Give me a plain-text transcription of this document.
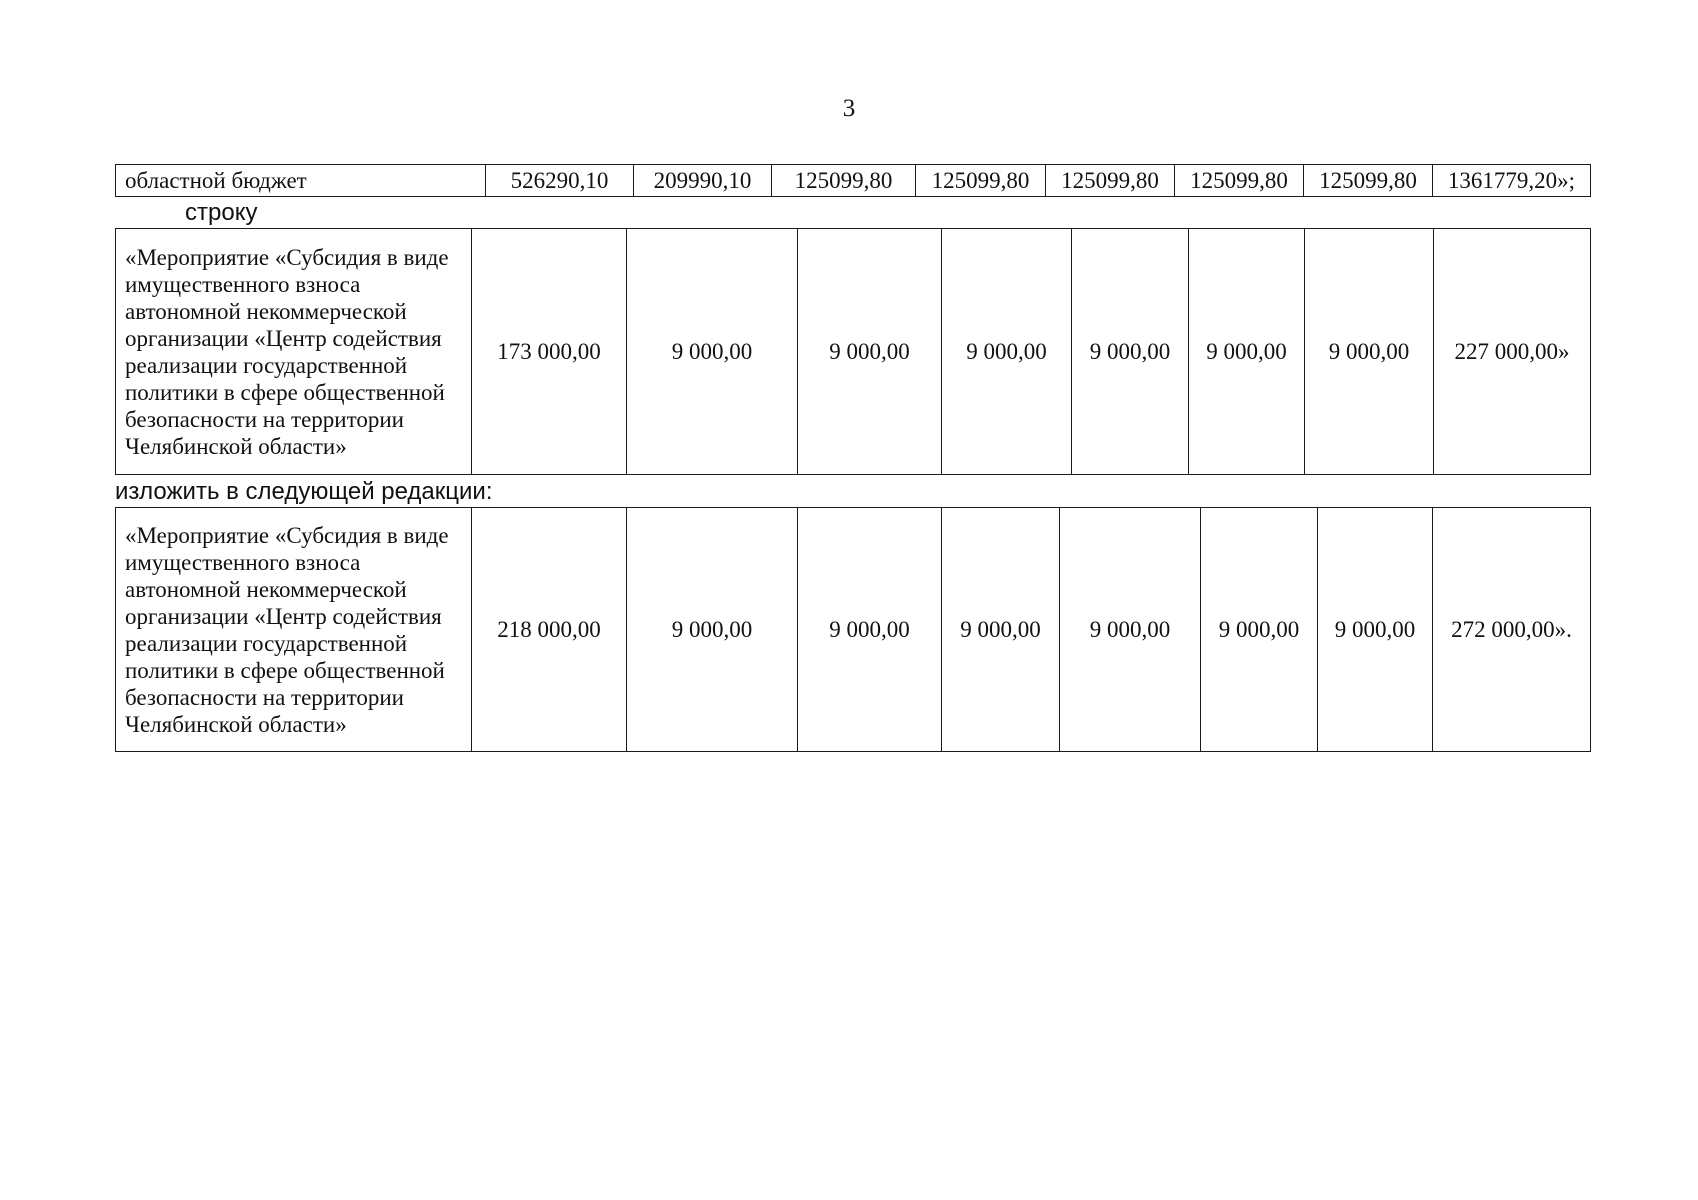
3
областной бюджет	526290,10	209990,10	125099,80	125099,80	125099,80	125099,80	125099,80	1361779,20»;
строку
«Мероприятие «Субсидия в виде имущественного взноса автономной некоммерческой организации «Центр содействия реализации государственной политики в сфере общественной безопасности на территории Челябинской области»	173 000,00	9 000,00	9 000,00	9 000,00	9 000,00	9 000,00	9 000,00	227 000,00»
изложить в следующей редакции:
«Мероприятие «Субсидия в виде имущественного взноса автономной некоммерческой организации «Центр содействия реализации государственной политики в сфере общественной безопасности на территории Челябинской области»	218 000,00	9 000,00	9 000,00	9 000,00	9 000,00	9 000,00	9 000,00	272 000,00».
